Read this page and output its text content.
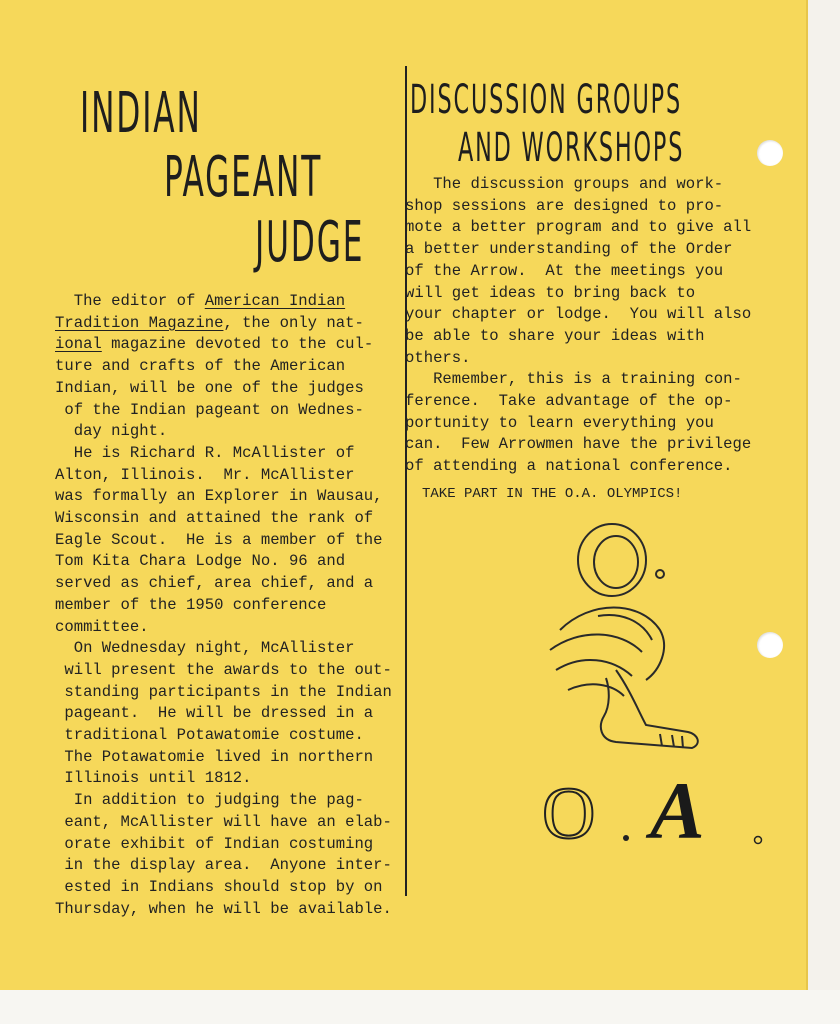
INDIAN
PAGEANT
JUDGE
The editor of American Indian
Tradition Magazine, the only nat-
ional magazine devoted to the cul-
ture and crafts of the American
Indian, will be one of the judges
of the Indian pageant on Wednes-
day night.
He is Richard R. McAllister of
Alton, Illinois.  Mr. McAllister
was formally an Explorer in Wausau,
Wisconsin and attained the rank of
Eagle Scout.  He is a member of the
Tom Kita Chara Lodge No. 96 and
served as chief, area chief, and a
member of the 1950 conference
committee.
On Wednesday night, McAllister
will present the awards to the out-
standing participants in the Indian
pageant.  He will be dressed in a
traditional Potawatomie costume.
The Potawatomie lived in northern
Illinois until 1812.
In addition to judging the pag-
eant, McAllister will have an elab-
orate exhibit of Indian costuming
in the display area.  Anyone inter-
ested in Indians should stop by on
Thursday, when he will be available.
DISCUSSION GROUPS
AND WORKSHOPS
The discussion groups and work-
shop sessions are designed to pro-
mote a better program and to give all
a better understanding of the Order
of the Arrow.  At the meetings you
will get ideas to bring back to
your chapter or lodge.  You will also
be able to share your ideas with
others.
Remember, this is a training con-
ference.  Take advantage of the op-
portunity to learn everything you
can.  Few Arrowmen have the privilege
of attending a national conference.
TAKE PART IN THE O.A. OLYMPICS!
O A
